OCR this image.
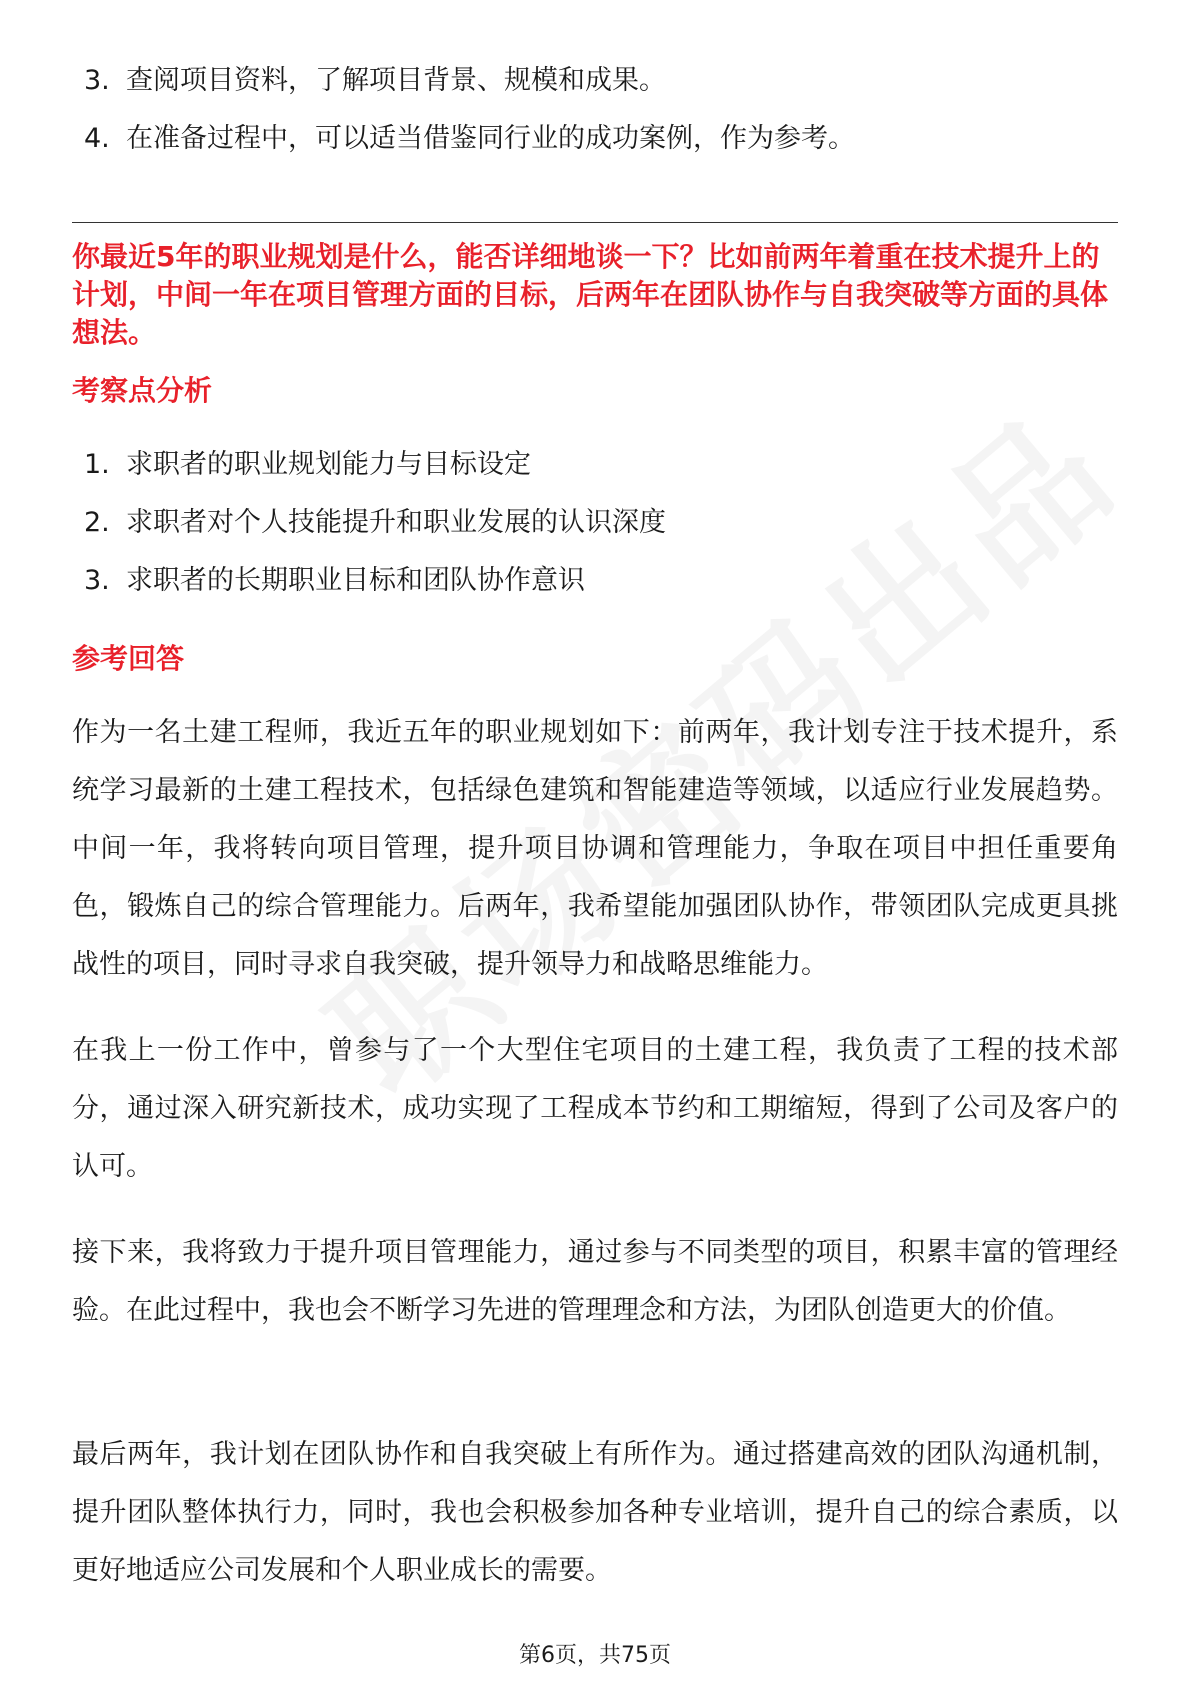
3. 查阅项目资料，了解项目背景、规模和成果。
4. 在准备过程中，可以适当借鉴同行业的成功案例，作为参考。

你最近5年的职业规划是什么，能否详细地谈一下？比如前两年着重在技术提升上的计划，中间一年在项目管理方面的目标，后两年在团队协作与自我突破等方面的具体想法。

考察点分析
1. 求职者的职业规划能力与目标设定
2. 求职者对个人技能提升和职业发展的认识深度
3. 求职者的长期职业目标和团队协作意识
参考回答

作为一名土建工程师，我近五年的职业规划如下：前两年，我计划专注于技术提升，系统学习最新的土建工程技术，包括绿色建筑和智能建造等领域，以适应行业发展趋势。中间一年，我将转向项目管理，提升项目协调和管理能力，争取在项目中担任重要角色，锻炼自己的综合管理能力。后两年，我希望能加强团队协作，带领团队完成更具挑战性的项目，同时寻求自我突破，提升领导力和战略思维能力。

在我上一份工作中，曾参与了一个大型住宅项目的土建工程，我负责了工程的技术部分，通过深入研究新技术，成功实现了工程成本节约和工期缩短，得到了公司及客户的认可。

接下来，我将致力于提升项目管理能力，通过参与不同类型的项目，积累丰富的管理经验。在此过程中，我也会不断学习先进的管理理念和方法，为团队创造更大的价值。

最后两年，我计划在团队协作和自我突破上有所作为。通过搭建高效的团队沟通机制，提升团队整体执行力，同时，我也会积极参加各种专业培训，提升自己的综合素质，以更好地适应公司发展和个人职业成长的需要。

第6页，共75页
